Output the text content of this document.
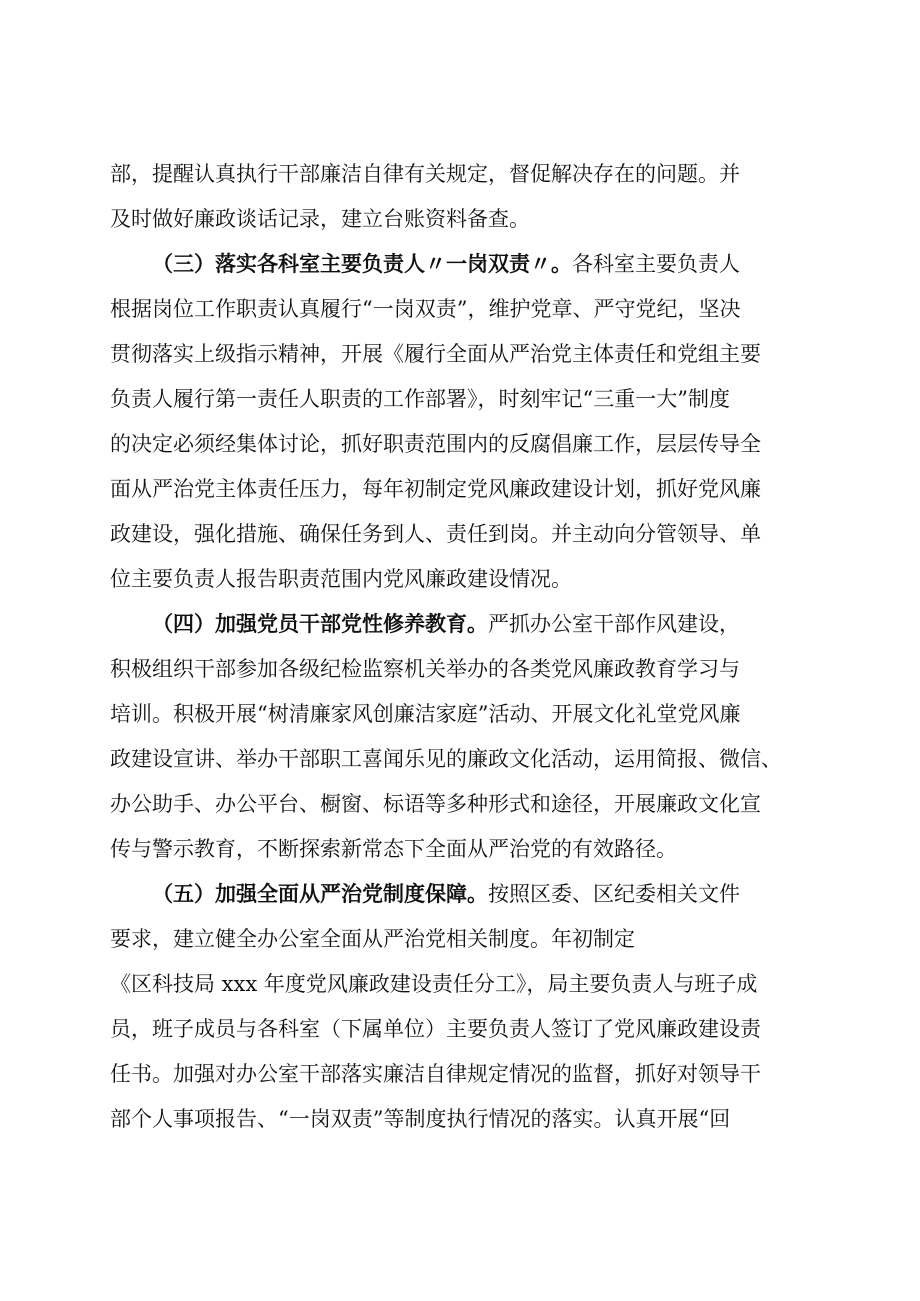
部，提醒认真执行干部廉洁自律有关规定，督促解决存在的问题。并
及时做好廉政谈话记录，建立台账资料备查。
（三）落实各科室主要负责人〃一岗双责〃。各科室主要负责人
根据岗位工作职责认真履行“一岗双责”，维护党章、严守党纪，坚决
贯彻落实上级指示精神，开展《履行全面从严治党主体责任和党组主要
负责人履行第一责任人职责的工作部署》，时刻牢记“三重一大”制度
的决定必须经集体讨论，抓好职责范围内的反腐倡廉工作，层层传导全
面从严治党主体责任压力，每年初制定党风廉政建设计划，抓好党风廉
政建设，强化措施、确保任务到人、责任到岗。并主动向分管领导、单
位主要负责人报告职责范围内党风廉政建设情况。
（四）加强党员干部党性修养教育。严抓办公室干部作风建设，
积极组织干部参加各级纪检监察机关举办的各类党风廉政教育学习与
培训。积极开展“树清廉家风创廉洁家庭”活动、开展文化礼堂党风廉
政建设宣讲、举办干部职工喜闻乐见的廉政文化活动，运用简报、微信、
办公助手、办公平台、橱窗、标语等多种形式和途径，开展廉政文化宣
传与警示教育，不断探索新常态下全面从严治党的有效路径。
（五）加强全面从严治党制度保障。按照区委、区纪委相关文件
要求，建立健全办公室全面从严治党相关制度。年初制定
《区科技局 xxx 年度党风廉政建设责任分工》，局主要负责人与班子成
员，班子成员与各科室（下属单位）主要负责人签订了党风廉政建设责
任书。加强对办公室干部落实廉洁自律规定情况的监督，抓好对领导干
部个人事项报告、“一岗双责”等制度执行情况的落实。认真开展“回
